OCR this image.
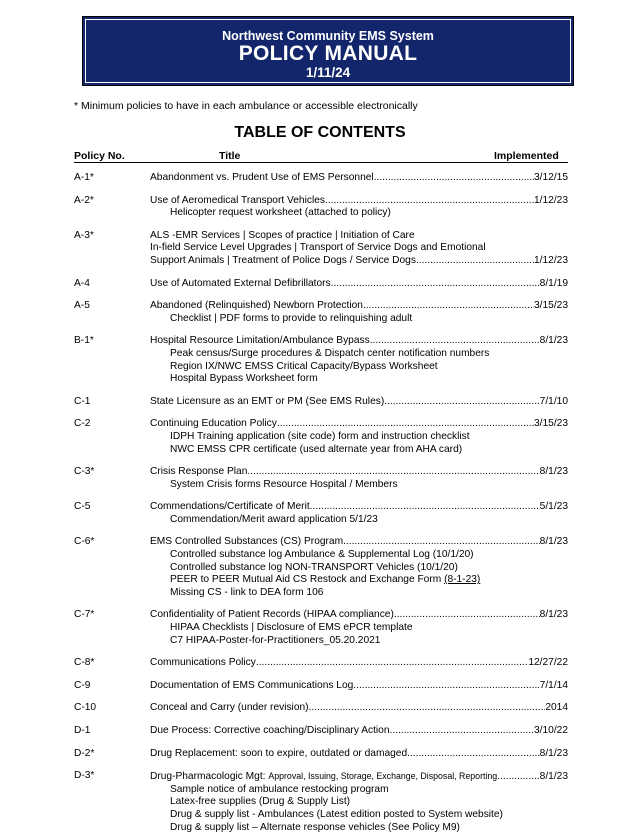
Northwest Community EMS System
POLICY MANUAL
1/11/24
* Minimum policies to have in each ambulance or accessible electronically
TABLE OF CONTENTS
Policy No.	Title	Implemented
A-1*	Abandonment vs. Prudent Use of EMS Personnel .....	3/12/15
A-2*	Use of Aeromedical Transport Vehicles .....	1/12/23
Helicopter request worksheet (attached to policy)
A-3*	ALS -EMR Services | Scopes of practice | Initiation of Care
In-field Service Level Upgrades | Transport of Service Dogs and Emotional
Support Animals | Treatment of Police Dogs / Service Dogs .....	1/12/23
A-4	Use of Automated External Defibrillators .....	8/1/19
A-5	Abandoned (Relinquished) Newborn Protection .....	3/15/23
Checklist | PDF forms to provide to relinquishing adult
B-1*	Hospital Resource Limitation/Ambulance Bypass .....	8/1/23
Peak census/Surge procedures & Dispatch center notification numbers
Region IX/NWC EMSS Critical Capacity/Bypass Worksheet
Hospital Bypass Worksheet form
C-1	State Licensure as an EMT or PM (See EMS Rules) .....	7/1/10
C-2	Continuing Education Policy .....	3/15/23
IDPH Training application (site code) form and instruction checklist
NWC EMSS CPR certificate (used alternate year from AHA card)
C-3*	Crisis Response Plan .....	8/1/23
System Crisis forms Resource Hospital / Members
C-5	Commendations/Certificate of Merit .....	5/1/23
Commendation/Merit award application 5/1/23
C-6*	EMS Controlled Substances (CS) Program .....	8/1/23
Controlled substance log Ambulance & Supplemental Log (10/1/20)
Controlled substance log NON-TRANSPORT Vehicles (10/1/20)
PEER to PEER Mutual Aid CS Restock and Exchange Form (8-1-23)
Missing CS - link to DEA form 106
C-7*	Confidentiality of Patient Records (HIPAA compliance) .....	8/1/23
HIPAA Checklists | Disclosure of EMS ePCR template
C7 HIPAA-Poster-for-Practitioners_05.20.2021
C-8*	Communications Policy .....	12/27/22
C-9	Documentation of EMS Communications Log .....	7/1/14
C-10	Conceal and Carry (under revision) .....	2014
D-1	Due Process: Corrective coaching/Disciplinary Action .....	3/10/22
D-2*	Drug Replacement: soon to expire, outdated or damaged .....	8/1/23
D-3*	Drug-Pharmacologic Mgt: Approval, Issuing, Storage, Exchange, Disposal, Reporting .....	8/1/23
Sample notice of ambulance restocking program
Latex-free supplies (Drug & Supply List)
Drug & supply list - Ambulances (Latest edition posted to System website)
Drug & supply list – Alternate response vehicles (See Policy M9)
